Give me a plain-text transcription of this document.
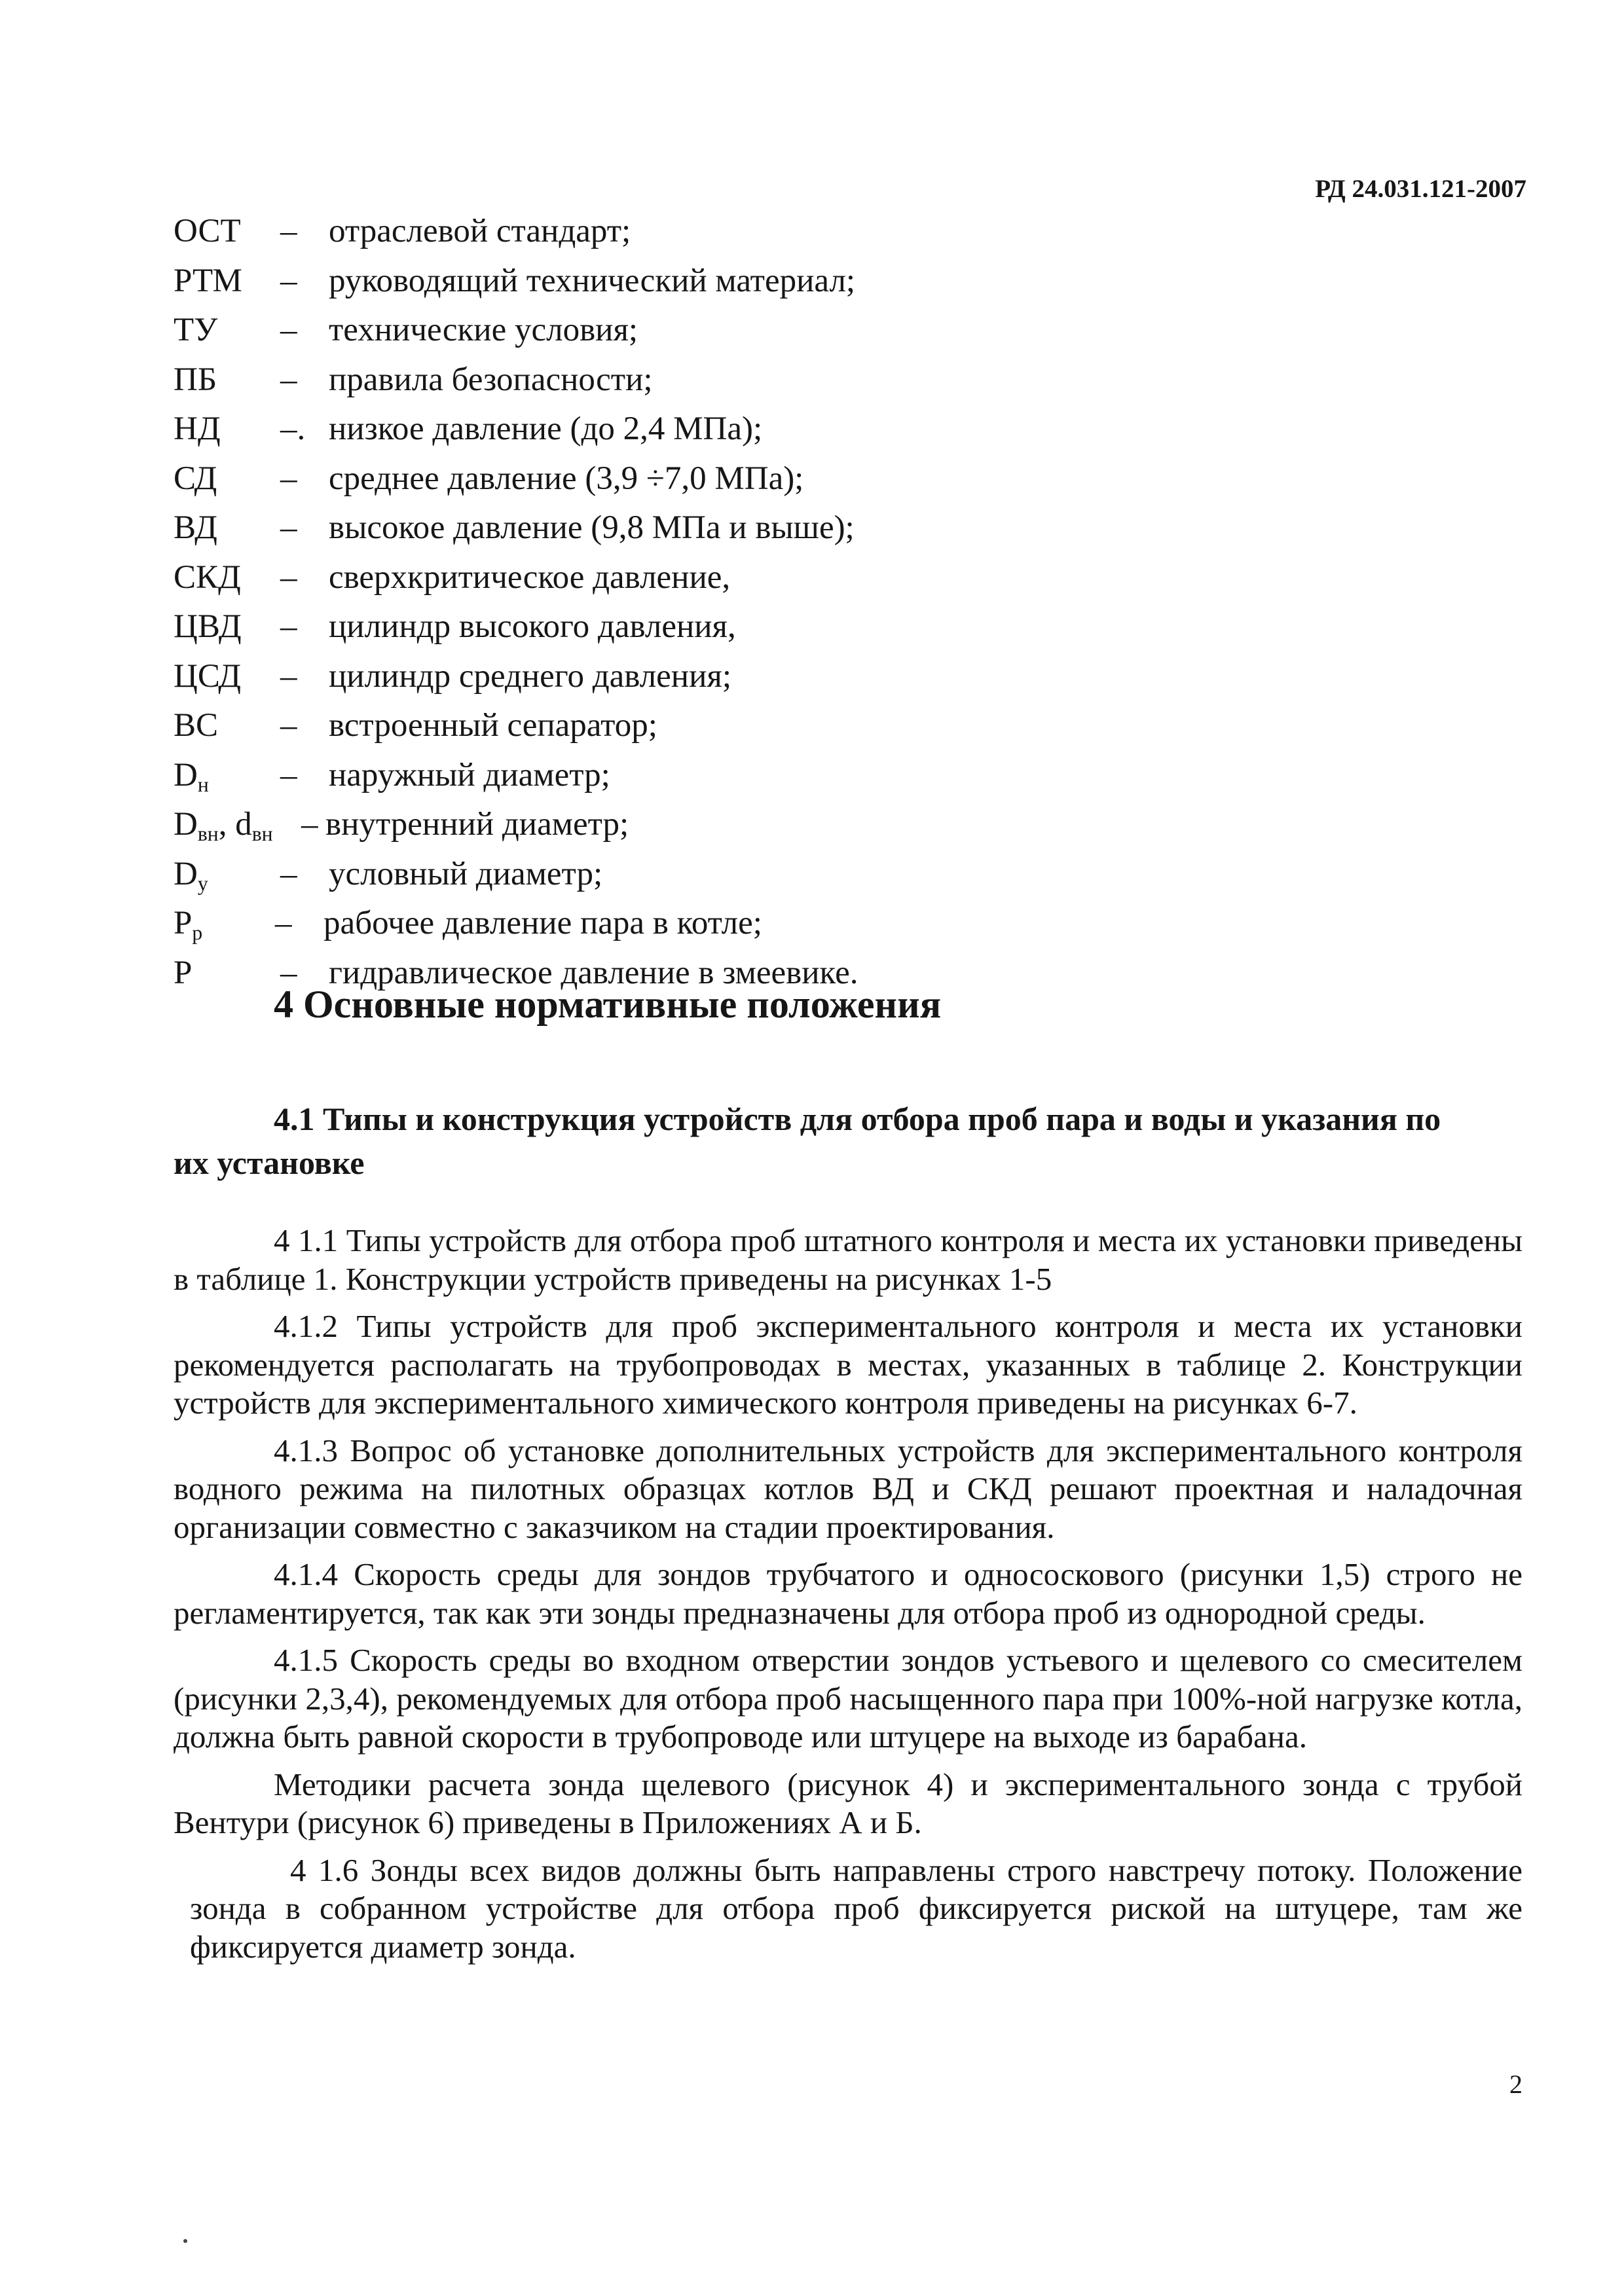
РД 24.031.121-2007
ОСТ – отраслевой стандарт;
РТМ – руководящий технический материал;
ТУ – технические условия;
ПБ – правила безопасности;
НД –. низкое давление (до 2,4 МПа);
СД – среднее давление (3,9 ÷7,0 МПа);
ВД – высокое давление (9,8 МПа и выше);
СКД – сверхкритическое давление,
ЦВД – цилиндр высокого давления,
ЦСД – цилиндр среднего давления;
ВС – встроенный сепаратор;
Dн – наружный диаметр;
Dвн, dвн – внутренний диаметр;
Dу – условный диаметр;
Pр – рабочее давление пара в котле;
Р	– гидравлическое давление в змеевике.
4 Основные нормативные положения
4.1 Типы и конструкция устройств для отбора проб пара и воды и указания по их установке

4 1.1 Типы устройств для отбора проб штатного контроля и места их установки приведены в таблице 1. Конструкции устройств приведены на рисунках 1-5

4.1.2 Типы устройств для проб экспериментального контроля и места их установки рекомендуется располагать на трубопроводах в местах, указанных в таблице 2. Конструкции устройств для экспериментального химического контроля приведены на рисунках 6-7.

4.1.3 Вопрос об установке дополнительных устройств для экспериментального контроля водного режима на пилотных образцах котлов ВД и СКД решают проектная и наладочная организации совместно с заказчиком на стадии проектирования.

4.1.4 Скорость среды для зондов трубчатого и однососкового (рисунки 1,5) строго не регламентируется, так как эти зонды предназначены для отбора проб из однородной среды.

4.1.5 Скорость среды во входном отверстии зондов устьевого и щелевого со смесителем (рисунки 2,3,4), рекомендуемых для отбора проб насыщенного пара при 100%-ной нагрузке котла, должна быть равной скорости в трубопроводе или штуцере на выходе из барабана.

Методики расчета зонда щелевого (рисунок 4) и экспериментального зонда с трубой Вентури (рисунок 6) приведены в Приложениях А и Б.

4 1.6 Зонды всех видов должны быть направлены строго навстречу потоку. Положение зонда в собранном устройстве для отбора проб фиксируется риской на штуцере, там же фиксируется диаметр зонда.

2
